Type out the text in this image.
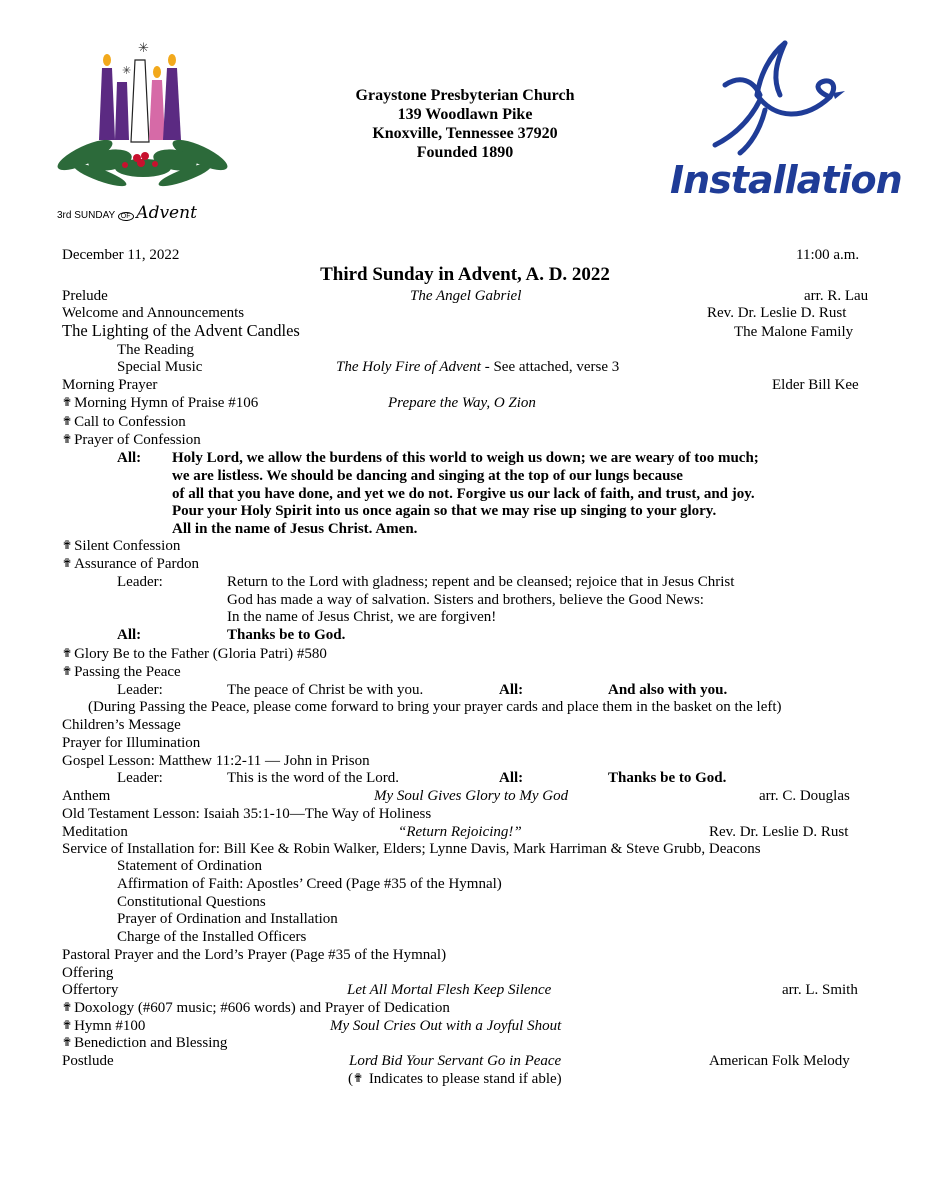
✳
✳
3rd SUNDAY OF Advent
Graystone Presbyterian Church
139 Woodlawn Pike
Knoxville, Tennessee 37920
Founded 1890
Installation
December 11, 2022	11:00 a.m.
Third Sunday in Advent, A. D. 2022
Prelude	The Angel Gabriel	arr. R. Lau
Welcome and Announcements	Rev. Dr. Leslie D. Rust
The Lighting of the Advent Candles	The Malone Family
The Reading
Special Music	The Holy Fire of Advent - See attached, verse 3
Morning Prayer	Elder Bill Kee
✟ Morning Hymn of Praise #106	Prepare the Way, O Zion
✟ Call to Confession
✟ Prayer of Confession
All: Holy Lord, we allow the burdens of this world to weigh us down; we are weary of too much;
we are listless. We should be dancing and singing at the top of our lungs because
of all that you have done, and yet we do not. Forgive us our lack of faith, and trust, and joy.
Pour your Holy Spirit into us once again so that we may rise up singing to your glory.
All in the name of Jesus Christ. Amen.
✟ Silent Confession
✟ Assurance of Pardon
Leader:	Return to the Lord with gladness; repent and be cleansed; rejoice that in Jesus Christ
God has made a way of salvation. Sisters and brothers, believe the Good News:
In the name of Jesus Christ, we are forgiven!
All:	Thanks be to God.
✟ Glory Be to the Father (Gloria Patri) #580
✟ Passing the Peace
Leader:	The peace of Christ be with you.	All:	And also with you.
(During Passing the Peace, please come forward to bring your prayer cards and place them in the basket on the left)
Children’s Message
Prayer for Illumination
Gospel Lesson: Matthew 11:2-11 — John in Prison
Leader:	This is the word of the Lord.	All:	Thanks be to God.
Anthem	My Soul Gives Glory to My God	arr. C. Douglas
Old Testament Lesson: Isaiah 35:1-10—The Way of Holiness
Meditation	“Return Rejoicing!”	Rev. Dr. Leslie D. Rust
Service of Installation for: Bill Kee & Robin Walker, Elders; Lynne Davis, Mark Harriman & Steve Grubb, Deacons
Statement of Ordination
Affirmation of Faith: Apostles’ Creed (Page #35 of the Hymnal)
Constitutional Questions
Prayer of Ordination and Installation
Charge of the Installed Officers
Pastoral Prayer and the Lord’s Prayer (Page #35 of the Hymnal)
Offering
Offertory	Let All Mortal Flesh Keep Silence	arr. L. Smith
✟ Doxology (#607 music; #606 words) and Prayer of Dedication
✟ Hymn #100	My Soul Cries Out with a Joyful Shout
✟ Benediction and Blessing
Postlude	Lord Bid Your Servant Go in Peace	American Folk Melody
(✟ Indicates to please stand if able)
